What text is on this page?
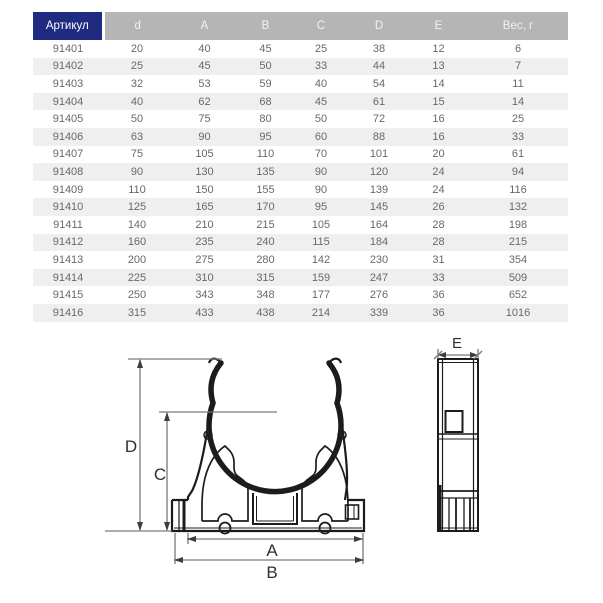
Артикул	d	A	B	C	D	E	Вес, г
91401	20	40	45	25	38	12	6
91402	25	45	50	33	44	13	7
91403	32	53	59	40	54	14	11
91404	40	62	68	45	61	15	14
91405	50	75	80	50	72	16	25
91406	63	90	95	60	88	16	33
91407	75	105	110	70	101	20	61
91408	90	130	135	90	120	24	94
91409	110	150	155	90	139	24	116
91410	125	165	170	95	145	26	132
91411	140	210	215	105	164	28	198
91412	160	235	240	115	184	28	215
91413	200	275	280	142	230	31	354
91414	225	310	315	159	247	33	509
91415	250	343	348	177	276	36	652
91416	315	433	438	214	339	36	1016
D
C
A
B
E
